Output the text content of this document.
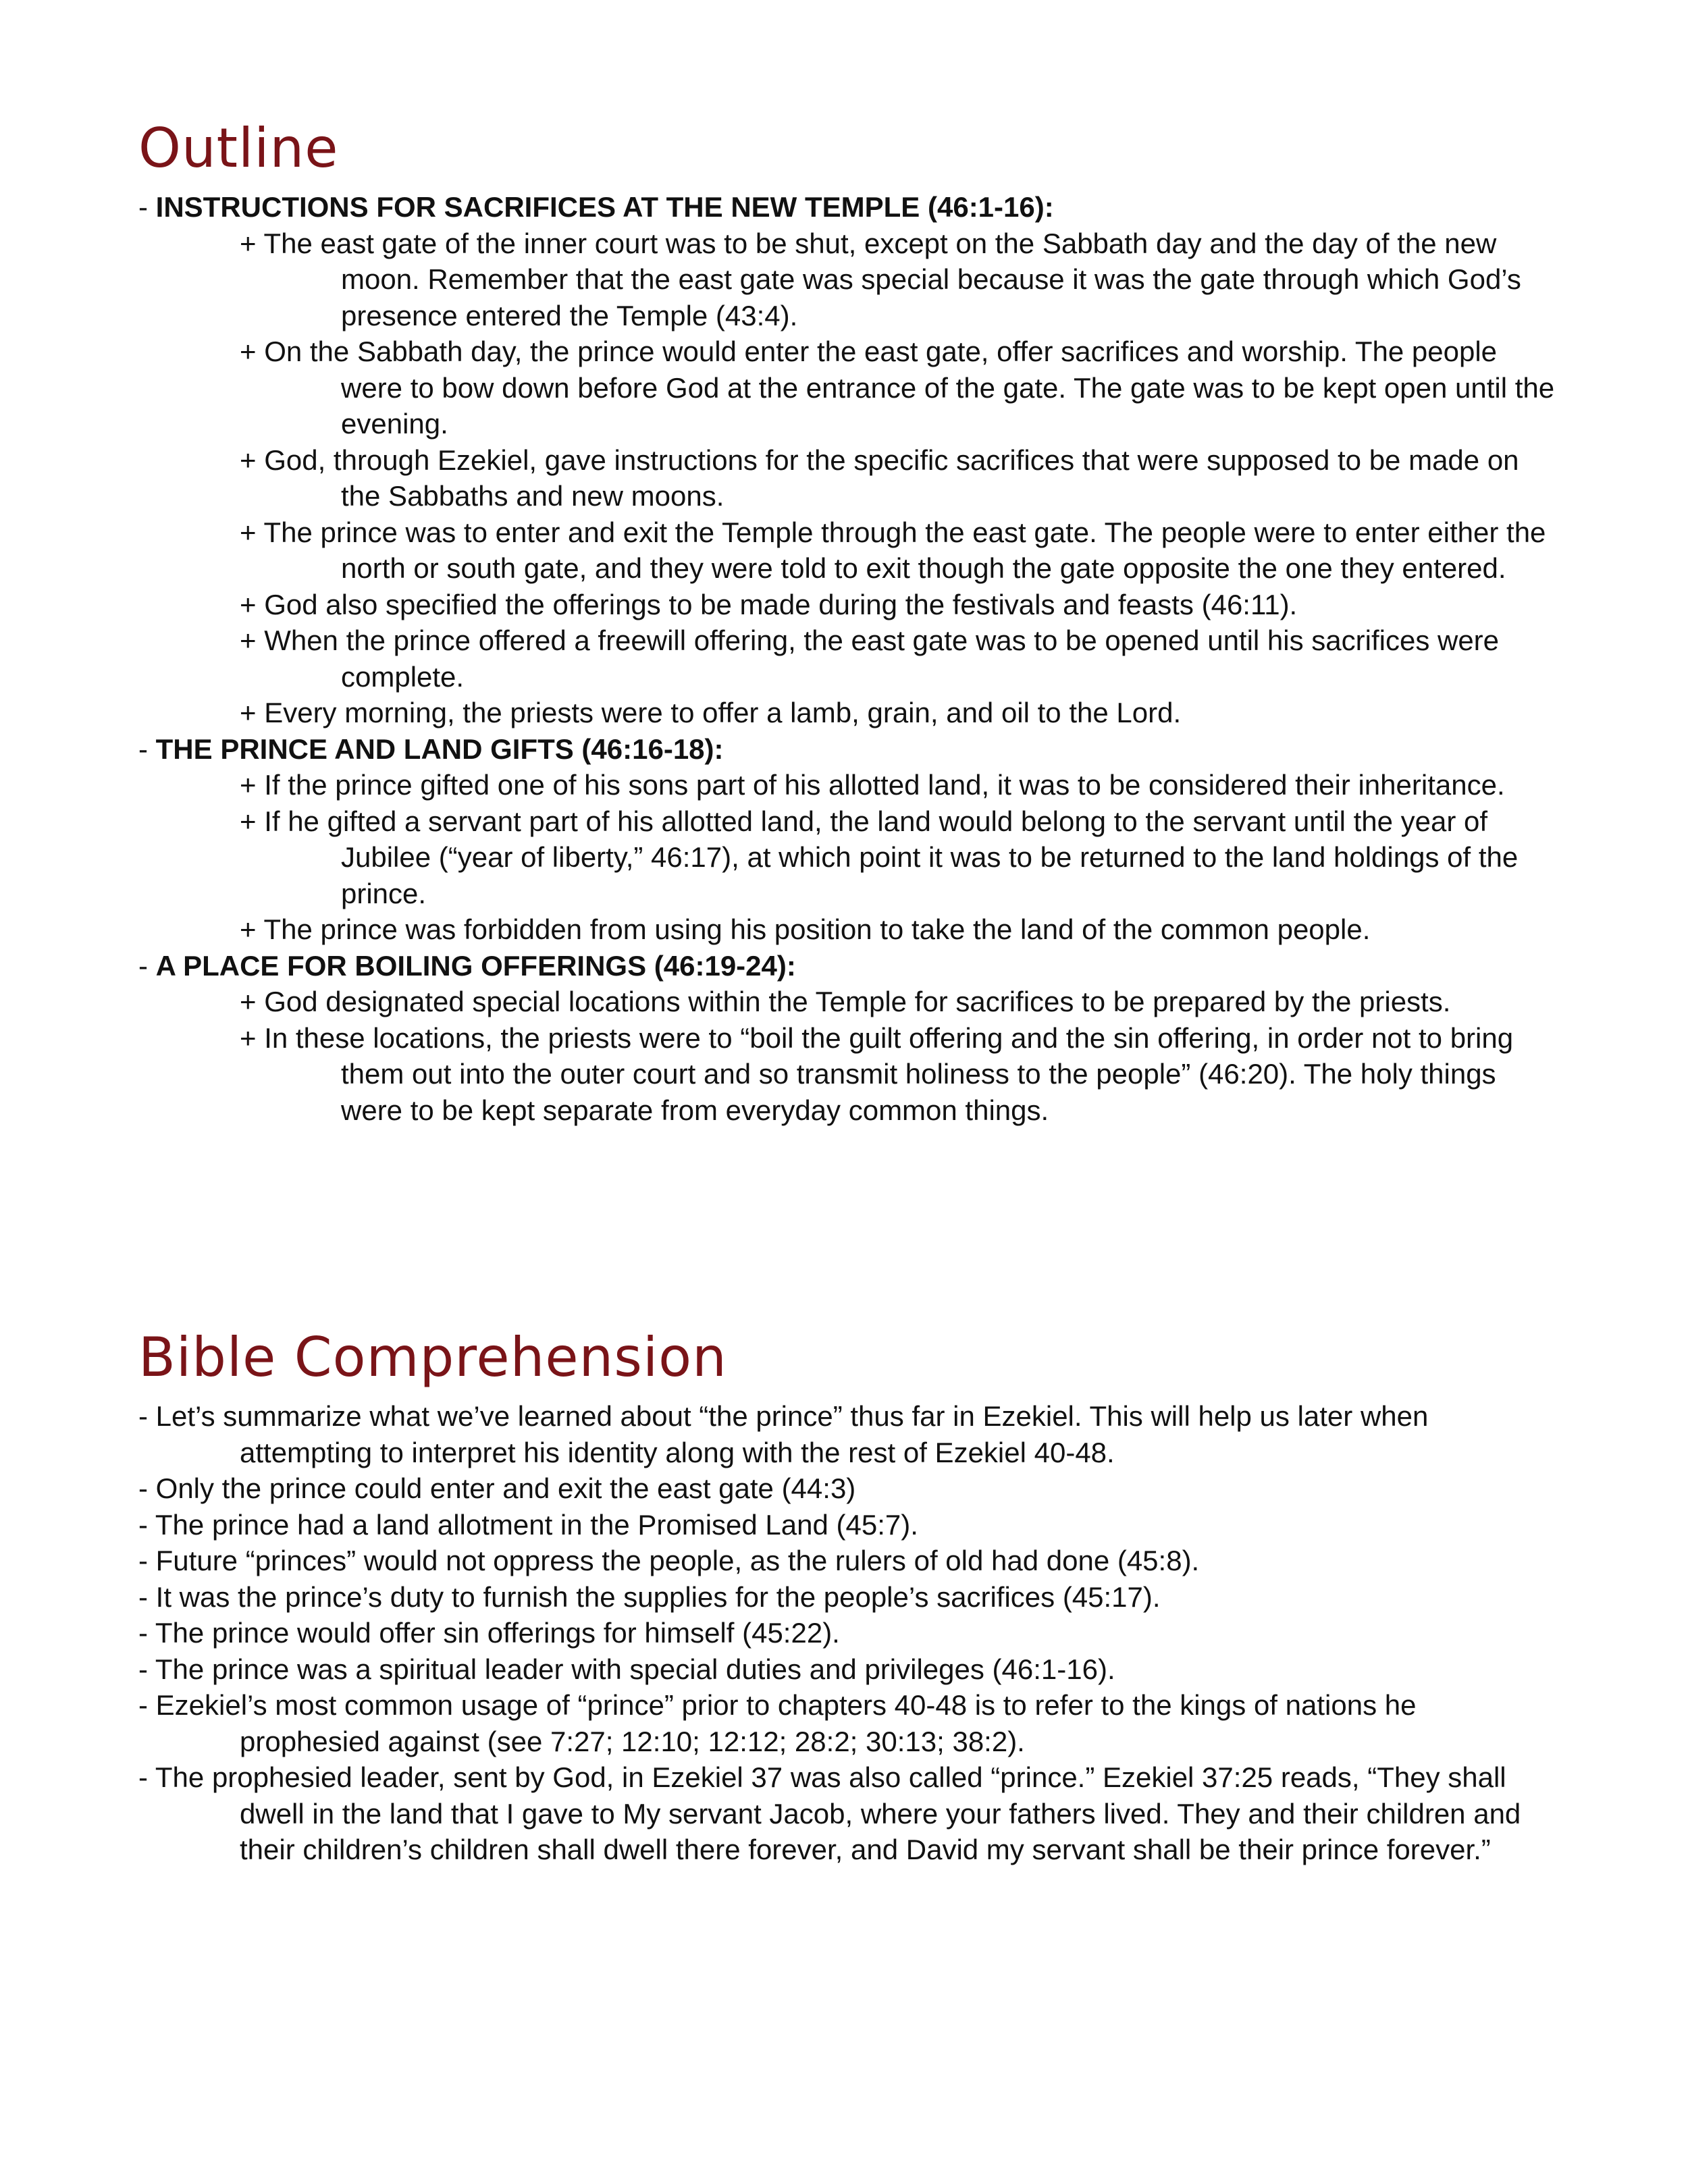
Outline

- INSTRUCTIONS FOR SACRIFICES AT THE NEW TEMPLE (46:1-16):

+ The east gate of the inner court was to be shut, except on the Sabbath day and the day of the new moon. Remember that the east gate was special because it was the gate through which God’s presence entered the Temple (43:4).

+ On the Sabbath day, the prince would enter the east gate, offer sacrifices and worship. The people were to bow down before God at the entrance of the gate. The gate was to be kept open until the evening.

+ God, through Ezekiel, gave instructions for the specific sacrifices that were supposed to be made on the Sabbaths and new moons.

+ The prince was to enter and exit the Temple through the east gate. The people were to enter either the north or south gate, and they were told to exit though the gate opposite the one they entered.

+ God also specified the offerings to be made during the festivals and feasts (46:11).

+ When the prince offered a freewill offering, the east gate was to be opened until his sacrifices were complete.

+ Every morning, the priests were to offer a lamb, grain, and oil to the Lord.

- THE PRINCE AND LAND GIFTS (46:16-18):

+ If the prince gifted one of his sons part of his allotted land, it was to be considered their inheritance.

+ If he gifted a servant part of his allotted land, the land would belong to the servant until the year of Jubilee (“year of liberty,” 46:17), at which point it was to be returned to the land holdings of the prince.

+ The prince was forbidden from using his position to take the land of the common people.

- A PLACE FOR BOILING OFFERINGS (46:19-24):

+ God designated special locations within the Temple for sacrifices to be prepared by the priests.

+ In these locations, the priests were to “boil the guilt offering and the sin offering, in order not to bring them out into the outer court and so transmit holiness to the people” (46:20). The holy things were to be kept separate from everyday common things.

Bible Comprehension

- Let’s summarize what we’ve learned about “the prince” thus far in Ezekiel. This will help us later when attempting to interpret his identity along with the rest of Ezekiel 40-48.

- Only the prince could enter and exit the east gate (44:3)

- The prince had a land allotment in the Promised Land (45:7).

- Future “princes” would not oppress the people, as the rulers of old had done (45:8).

- It was the prince’s duty to furnish the supplies for the people’s sacrifices (45:17).

- The prince would offer sin offerings for himself (45:22).

- The prince was a spiritual leader with special duties and privileges (46:1-16).

- Ezekiel’s most common usage of “prince” prior to chapters 40-48 is to refer to the kings of nations he prophesied against (see 7:27; 12:10; 12:12; 28:2; 30:13; 38:2).

- The prophesied leader, sent by God, in Ezekiel 37 was also called “prince.” Ezekiel 37:25 reads, “They shall dwell in the land that I gave to My servant Jacob, where your fathers lived. They and their children and their children’s children shall dwell there forever, and David my servant shall be their prince forever.”
